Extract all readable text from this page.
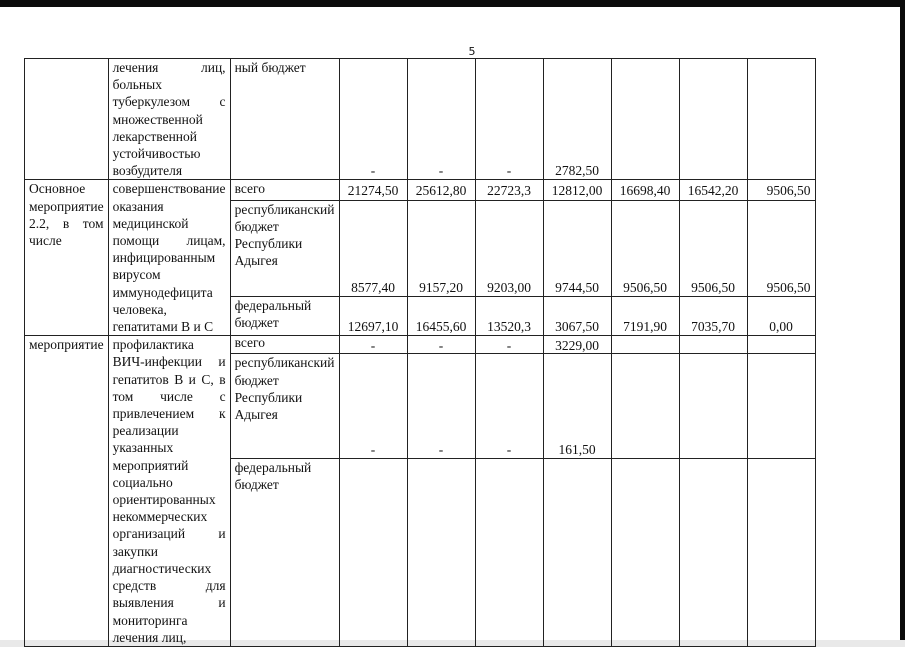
5
	лечения лиц, больных туберкулезом с множественной лекарственной устойчивостью возбудителя	ный бюджет	-	-	-	2782,50			
Основное мероприятие 2.2, в том числе	совершенствование оказания медицинской помощи лицам, инфицированным вирусом иммунодефицита человека, гепатитами В и С	всего	21274,50	25612,80	22723,3	12812,00	16698,40	16542,20	9506,50
		республиканский бюджет Республики Адыгея	8577,40	9157,20	9203,00	9744,50	9506,50	9506,50	9506,50
		федеральный бюджет	12697,10	16455,60	13520,3	3067,50	7191,90	7035,70	0,00
мероприятие	профилактика ВИЧ-инфекции и гепатитов В и С, в том числе с привлечением к реализации указанных мероприятий социально ориентированных некоммерческих организаций и закупки диагностических средств для выявления и мониторинга лечения лиц,	всего	-	-	-	3229,00			
		республиканский бюджет Республики Адыгея	-	-	-	161,50			
		федеральный бюджет							
